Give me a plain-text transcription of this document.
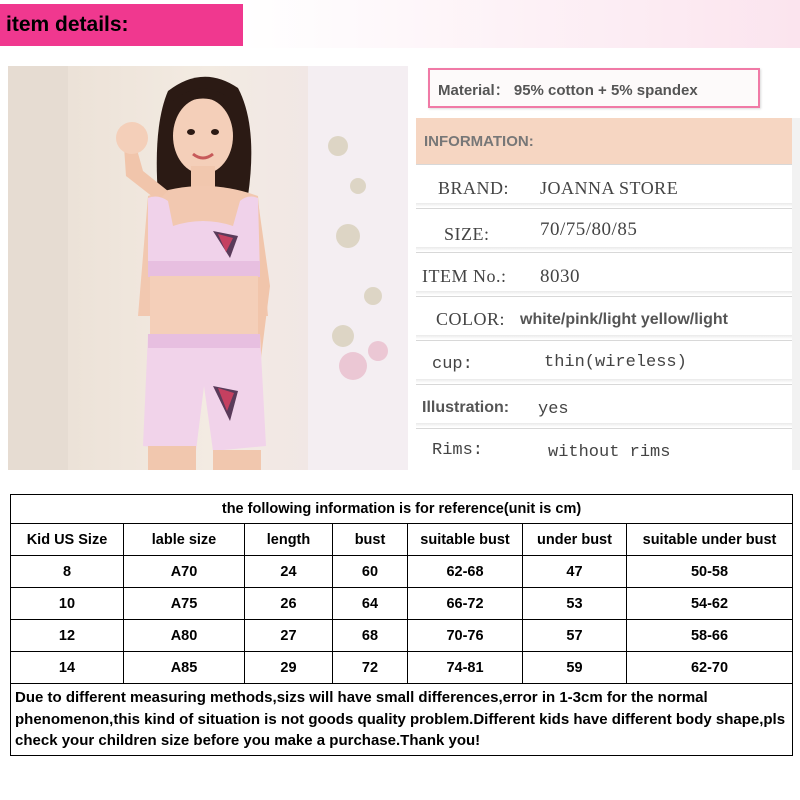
item details:
Material： 95% cotton + 5% spandex
INFORMATION:
BRAND: JOANNA STORE
SIZE:	70/75/80/85
ITEM No.: 8030
COLOR: white/pink/light yellow/light
cup:	thin(wireless)
Illustration: yes
Rims:	without rims
the following information is for reference(unit is cm)						
Kid US Size	lable size	length	bust	suitable bust	under bust	suitable under bust
8	A70	24	60	62-68	47	50-58
10	A75	26	64	66-72	53	54-62
12	A80	27	68	70-76	57	58-66
14	A85	29	72	74-81	59	62-70
Due to different measuring methods,sizs will have small differences,error in 1-3cm for the normal phenomenon,this kind of situation is not goods quality problem.Different kids have different body shape,pls check your children size before you make a purchase.Thank you!						
